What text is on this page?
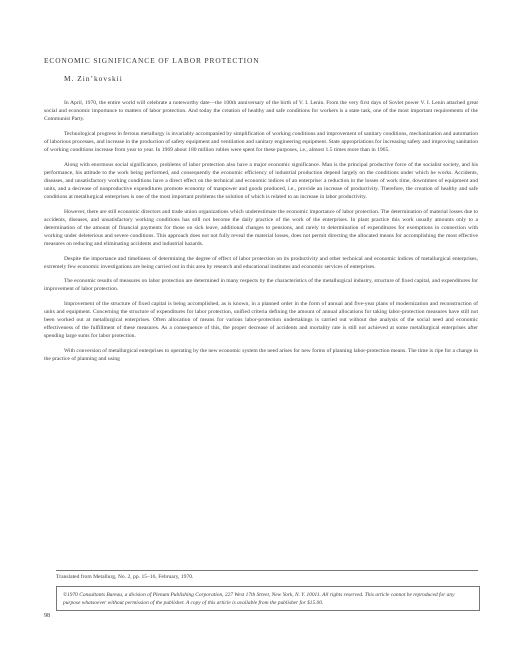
ECONOMIC SIGNIFICANCE OF LABOR PROTECTION
M. Zin’kovskii

In April, 1970, the entire world will celebrate a noteworthy date—the 100th anniversary of the birth of V. I. Lenin. From the very first days of Soviet power V. I. Lenin attached great social and economic importance to matters of labor protection. And today the creation of healthy and safe conditions for workers is a state task, one of the most important requirements of the Communist Party.

Technological progress in ferrous metallurgy is invariably accompanied by simplification of working conditions and improvement of sanitary conditions, mechanization and automation of laborious processes, and increase in the production of safety equipment and ventilation and sanitary engineering equipment. State appropriations for increasing safety and improving sanitation of working conditions increase from year to year. In 1969 about 180 million rubles were spent for these purposes, i.e., almost 1.5 times more than in 1965.

Along with enormous social significance, problems of labor protection also have a major economic significance. Man is the principal productive force of the socialist society, and his performance, his attitude to the work being performed, and consequently the economic efficiency of industrial production depend largely on the conditions under which he works. Accidents, diseases, and unsatisfactory working conditions have a direct effect on the technical and economic indices of an enterprise: a reduction in the losses of work time, downtimes of equipment and units, and a decrease of nonproductive expenditures promote economy of manpower and goods produced, i.e., provide an increase of productivity. Therefore, the creation of healthy and safe conditions at metallurgical enterprises is one of the most important problems the solution of which is related to an increase in labor productivity.

However, there are still economic directors and trade union organizations which underestimate the economic importance of labor protection. The determination of material losses due to accidents, diseases, and unsatisfactory working conditions has still not become the daily practice of the work of the enterprises. In plant practice this work usually amounts only to a determination of the amount of financial payments for those on sick leave, additional changes to pensions, and rarely to determination of expenditures for exemptions in connection with working under deleterious and severe conditions. This approach does not not fully reveal the material losses, does not permit directing the allocated means for accomplishing the most effective measures on reducing and eliminating accidents and industrial hazards.

Despite the importance and timeliness of determining the degree of effect of labor protection on its productivity and other technical and economic indices of metallurgical enterprises, extremely few economic investigations are being carried out in this area by research and educational institutes and economic services of enterprises.

The economic results of measures on labor protection are determined in many respects by the characteristics of the metallurgical industry, structure of fixed capital, and expenditures for improvement of labor protection.

Improvement of the structure of fixed capital is being accomplished, as is known, in a planned order in the form of annual and five-year plans of modernization and reconstruction of units and equipment. Concerning the structure of expenditures for labor protection, unified criteria defining the amount of annual allocations for taking labor-protection measures have still not been worked out at metallurgical enterprises. Often allocation of means for various labor-protection undertakings is carried out without due analysis of the social need and economic effectiveness of the fulfillment of these measures. As a consequence of this, the proper decrease of accidents and mortality rate is still not achieved at some metallurgical enterprises after spending large sums for labor protection.

With conversion of metallurgical enterprises to operating by the new economic system the need arises for new forms of planning labor-protection means. The time is ripe for a change in the practice of planning and using

Translated from Metallurg, No. 2, pp. 15–16, February, 1970.
©1970 Consultants Bureau, a division of Plenum Publishing Corporation, 227 West 17th Street, New York, N. Y. 10011. All rights reserved. This article cannot be reproduced for any purpose whatsoever without permission of the publisher. A copy of this article is available from the publisher for $15.00.
98
